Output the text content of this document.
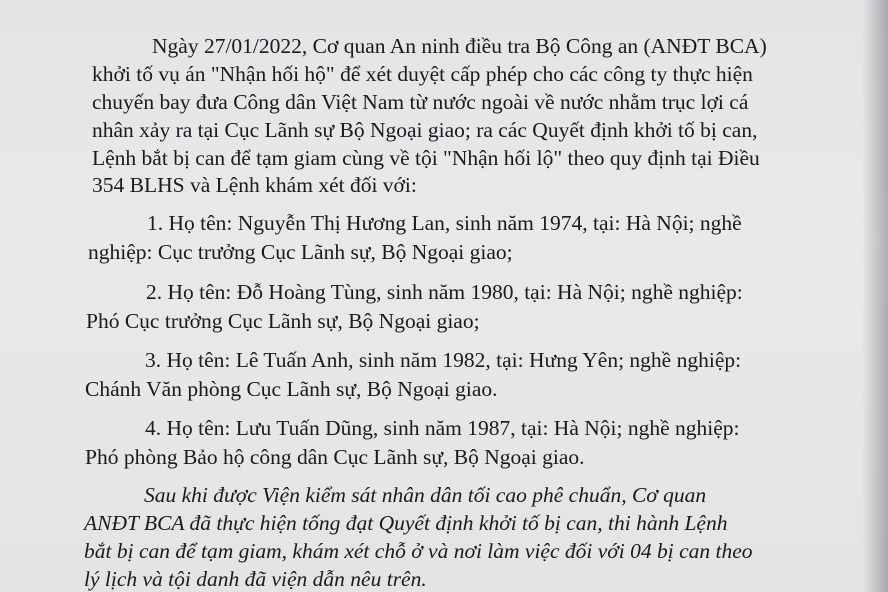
Ngày 27/01/2022, Cơ quan An ninh điều tra Bộ Công an (ANĐT BCA)
khởi tố vụ án "Nhận hối hộ" để xét duyệt cấp phép cho các công ty thực hiện
chuyến bay đưa Công dân Việt Nam từ nước ngoài về nước nhằm trục lợi cá
nhân xảy ra tại Cục Lãnh sự Bộ Ngoại giao; ra các Quyết định khởi tố bị can,
Lệnh bắt bị can để tạm giam cùng về tội "Nhận hối lộ" theo quy định tại Điều
354 BLHS và Lệnh khám xét đối với:
1. Họ tên: Nguyễn Thị Hương Lan, sinh năm 1974, tại: Hà Nội; nghề
nghiệp: Cục trưởng Cục Lãnh sự, Bộ Ngoại giao;
2. Họ tên: Đỗ Hoàng Tùng, sinh năm 1980, tại: Hà Nội; nghề nghiệp:
Phó Cục trưởng Cục Lãnh sự, Bộ Ngoại giao;
3. Họ tên: Lê Tuấn Anh, sinh năm 1982, tại: Hưng Yên; nghề nghiệp:
Chánh Văn phòng Cục Lãnh sự, Bộ Ngoại giao.
4. Họ tên: Lưu Tuấn Dũng, sinh năm 1987, tại: Hà Nội; nghề nghiệp:
Phó phòng Bảo hộ công dân Cục Lãnh sự, Bộ Ngoại giao.
Sau khi được Viện kiểm sát nhân dân tối cao phê chuẩn, Cơ quan
ANĐT BCA đã thực hiện tống đạt Quyết định khởi tố bị can, thi hành Lệnh
bắt bị can để tạm giam, khám xét chỗ ở và nơi làm việc đối với 04 bị can theo
lý lịch và tội danh đã viện dẫn nêu trên.
